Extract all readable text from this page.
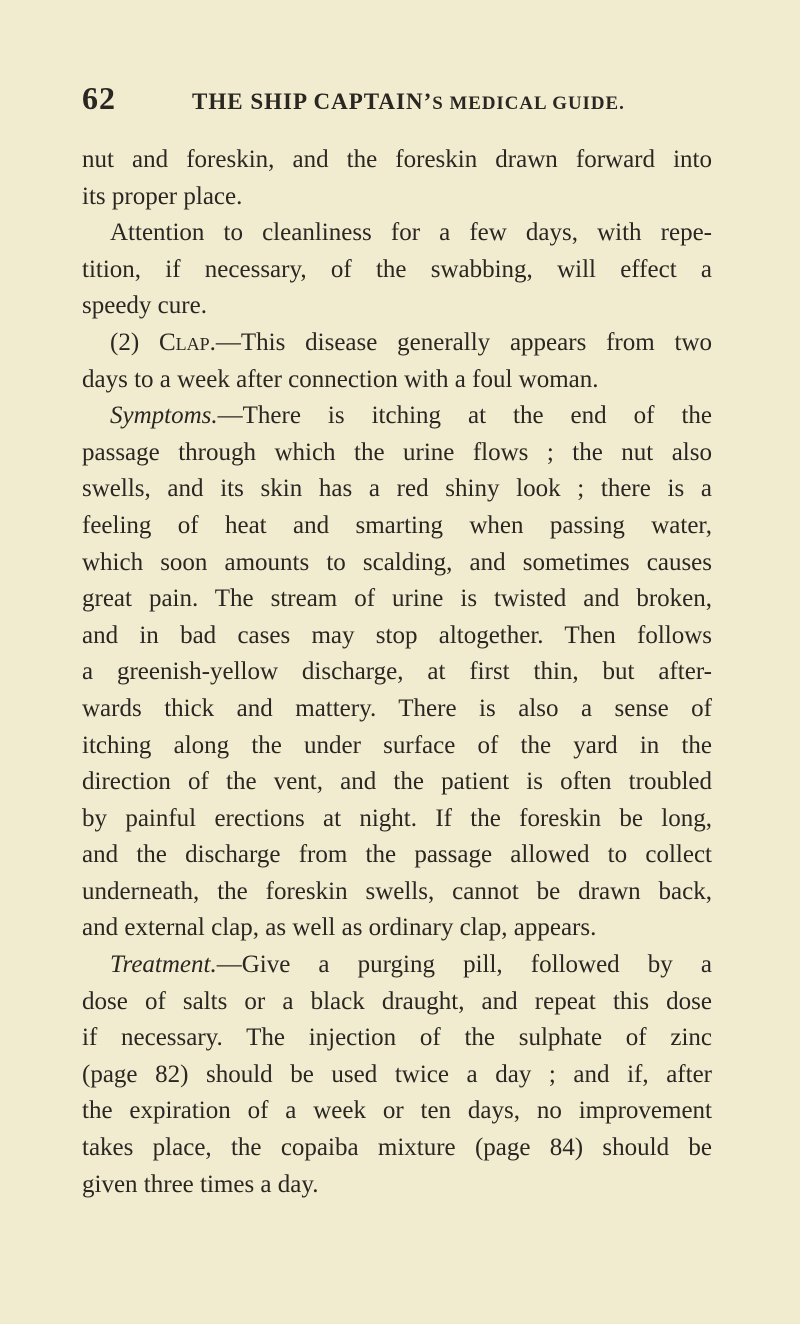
62	THE SHIP CAPTAIN’S MEDICAL GUIDE.
nut and foreskin, and the foreskin drawn forward into
its proper place.
Attention to cleanliness for a few days, with repe-
tition, if necessary, of the swabbing, will effect a
speedy cure.
(2) Clap.—This disease generally appears from two
days to a week after connection with a foul woman.
Symptoms.—There is itching at the end of the
passage through which the urine flows ; the nut also
swells, and its skin has a red shiny look ; there is a
feeling of heat and smarting when passing water,
which soon amounts to scalding, and sometimes causes
great pain. The stream of urine is twisted and broken,
and in bad cases may stop altogether. Then follows
a greenish-yellow discharge, at first thin, but after-
wards thick and mattery. There is also a sense of
itching along the under surface of the yard in the
direction of the vent, and the patient is often troubled
by painful erections at night. If the foreskin be long,
and the discharge from the passage allowed to collect
underneath, the foreskin swells, cannot be drawn back,
and external clap, as well as ordinary clap, appears.
Treatment.—Give a purging pill, followed by a
dose of salts or a black draught, and repeat this dose
if necessary. The injection of the sulphate of zinc
(page 82) should be used twice a day ; and if, after
the expiration of a week or ten days, no improvement
takes place, the copaiba mixture (page 84) should be
given three times a day.
